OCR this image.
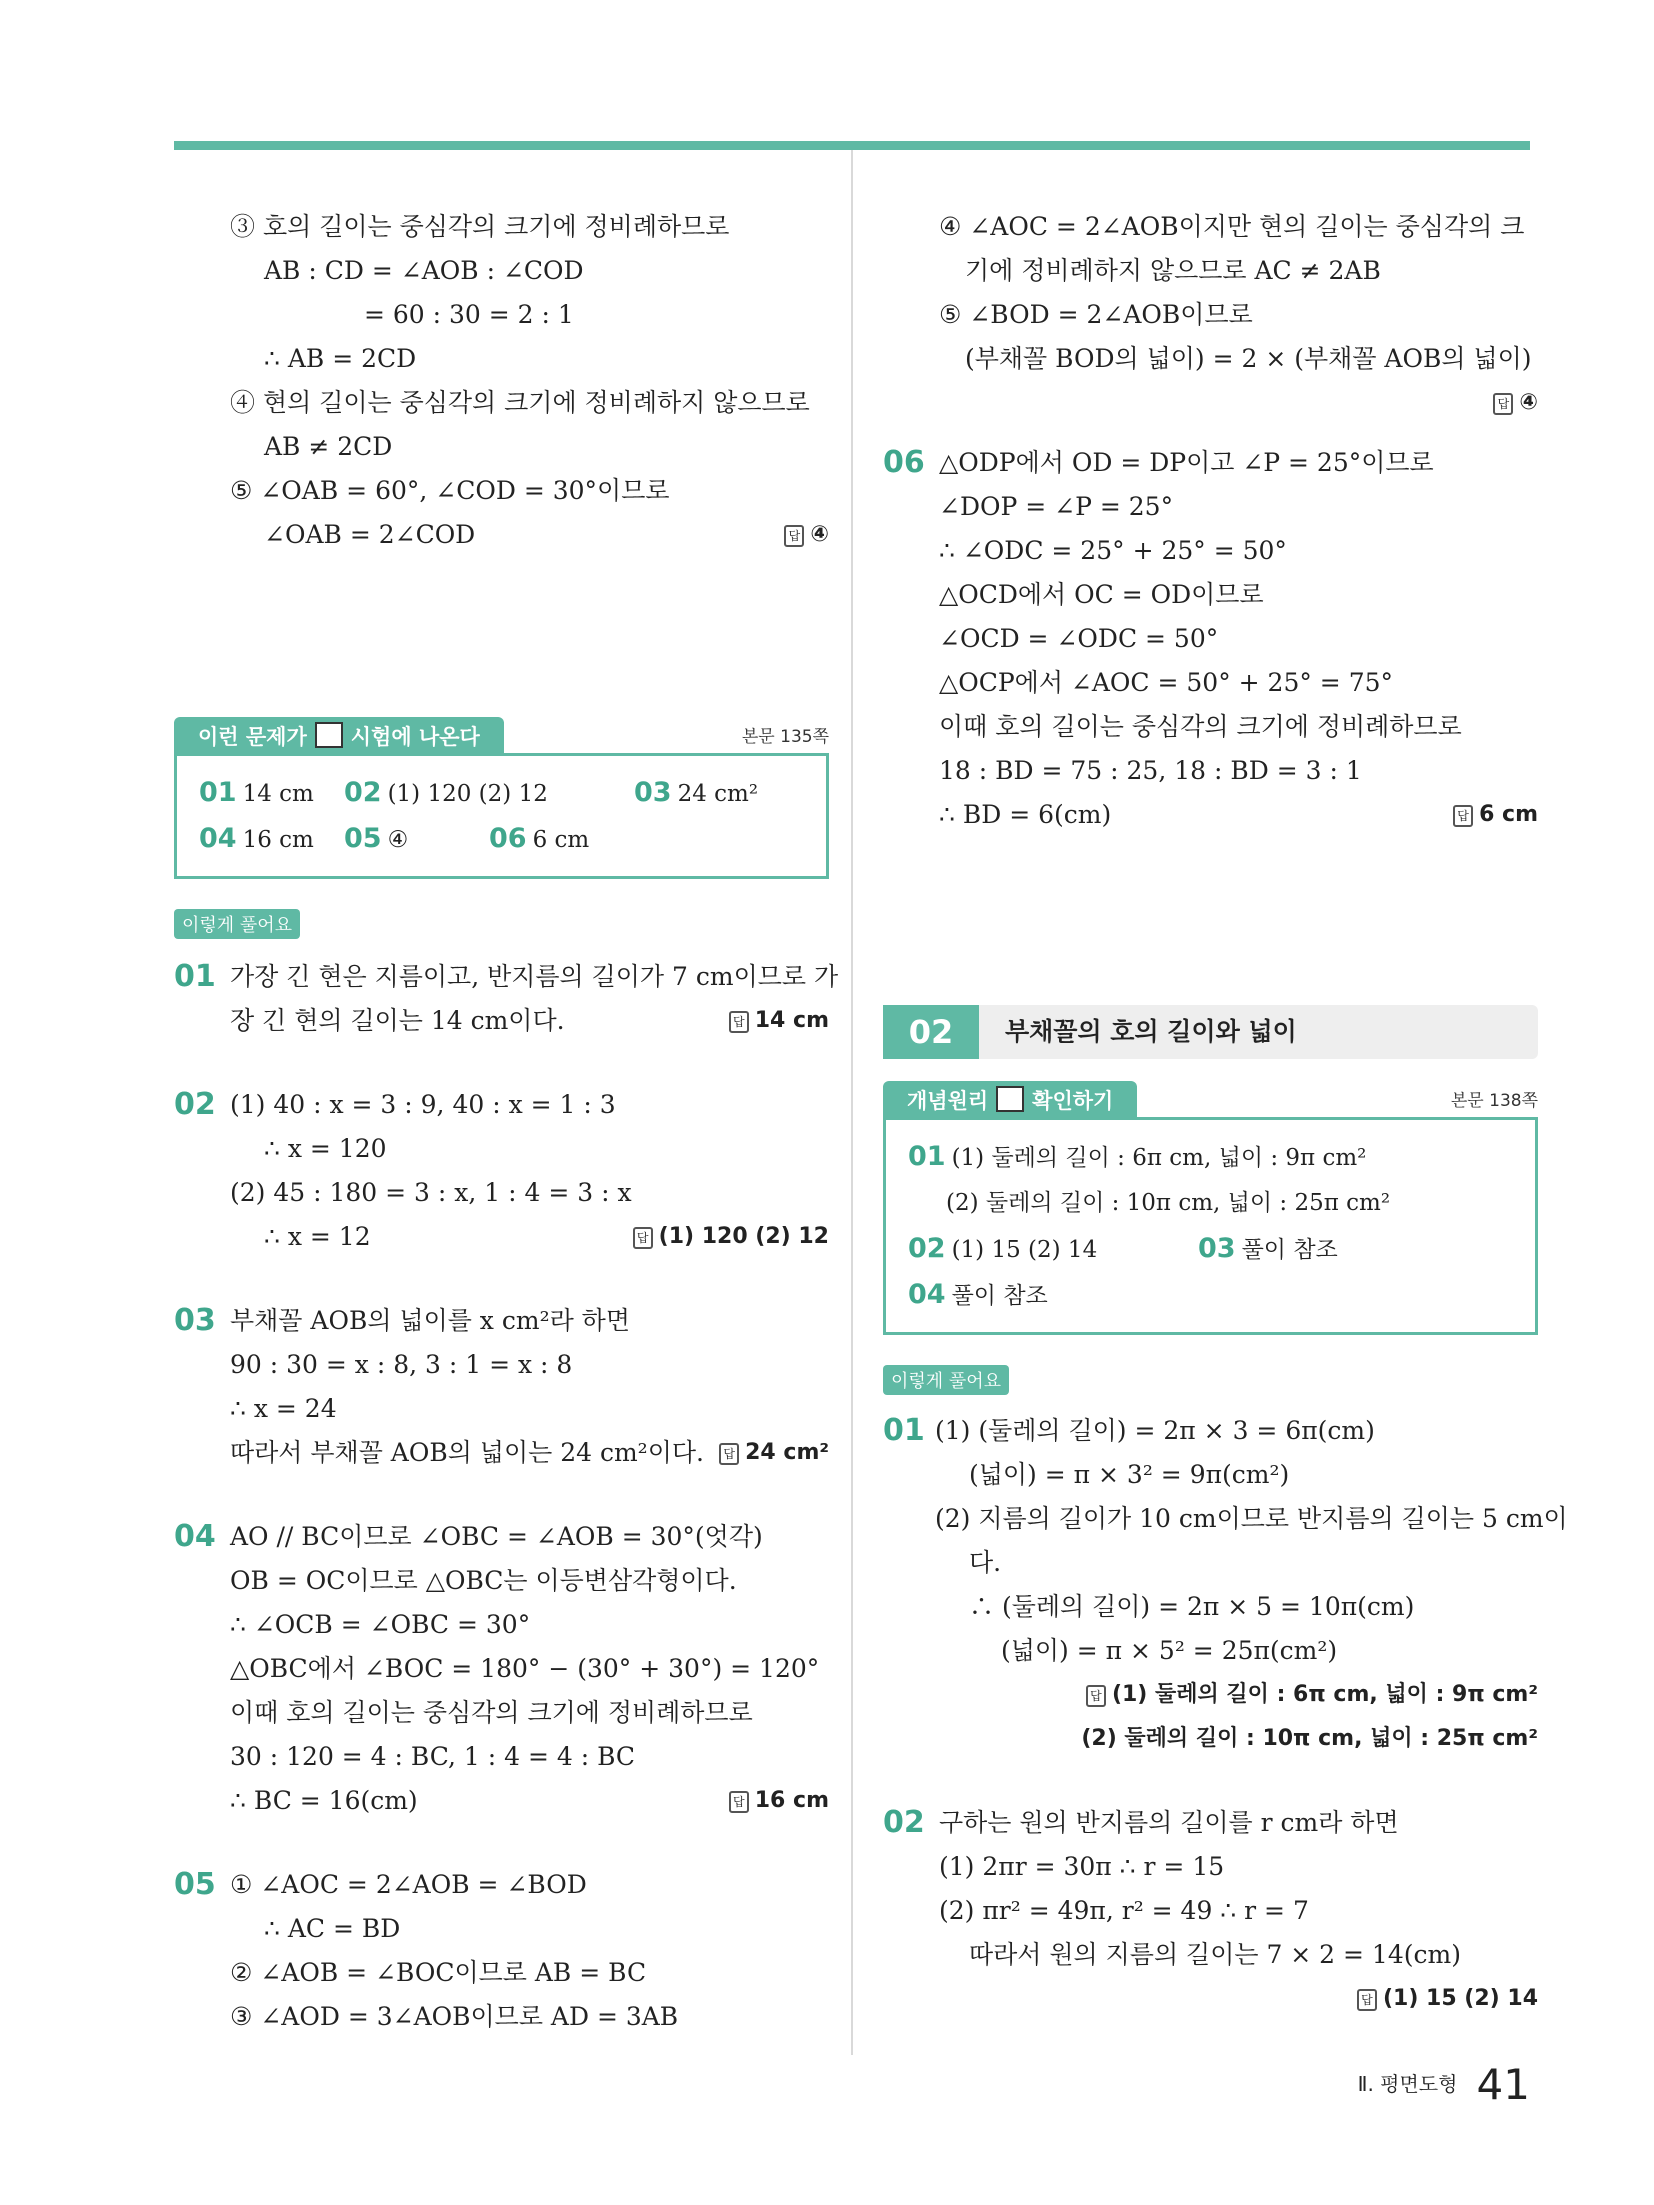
③ 호의 길이는 중심각의 크기에 정비례하므로
AB : CD = ∠AOB : ∠COD
= 60 : 30 = 2 : 1
∴ AB = 2CD
④ 현의 길이는 중심각의 크기에 정비례하지 않으므로
AB ≠ 2CD
⑤ ∠OAB = 60°, ∠COD = 30°이므로
∠OAB = 2∠COD	답 ④
이런 문제가 시험에 나온다	본문 135쪽
01 14 cm 02 (1) 120 (2) 12	03 24 cm²
04 16 cm 05 ④	06 6 cm
이렇게 풀어요
01 가장 긴 현은 지름이고, 반지름의 길이가 7 cm이므로 가
장 긴 현의 길이는 14 cm이다.	답 14 cm
02 (1) 40 : x = 3 : 9, 40 : x = 1 : 3
∴ x = 120
(2) 45 : 180 = 3 : x, 1 : 4 = 3 : x
∴ x = 12	답 (1) 120 (2) 12
03 부채꼴 AOB의 넓이를 x cm²라 하면
90 : 30 = x : 8, 3 : 1 = x : 8
∴ x = 24
따라서 부채꼴 AOB의 넓이는 24 cm²이다.	답 24 cm²
04 AO // BC이므로 ∠OBC = ∠AOB = 30°(엇각)
OB = OC이므로 △OBC는 이등변삼각형이다.
∴ ∠OCB = ∠OBC = 30°
△OBC에서 ∠BOC = 180° − (30° + 30°) = 120°
이때 호의 길이는 중심각의 크기에 정비례하므로
30 : 120 = 4 : BC, 1 : 4 = 4 : BC
∴ BC = 16(cm)	답 16 cm
05 ① ∠AOC = 2∠AOB = ∠BOD
∴ AC = BD
② ∠AOB = ∠BOC이므로 AB = BC
③ ∠AOD = 3∠AOB이므로 AD = 3AB
④ ∠AOC = 2∠AOB이지만 현의 길이는 중심각의 크
기에 정비례하지 않으므로 AC ≠ 2AB
⑤ ∠BOD = 2∠AOB이므로
(부채꼴 BOD의 넓이) = 2 × (부채꼴 AOB의 넓이)

답 ④
06 △ODP에서 OD = DP이고 ∠P = 25°이므로
∠DOP = ∠P = 25°
∴ ∠ODC = 25° + 25° = 50°
△OCD에서 OC = OD이므로
∠OCD = ∠ODC = 50°
△OCP에서 ∠AOC = 50° + 25° = 75°
이때 호의 길이는 중심각의 크기에 정비례하므로
18 : BD = 75 : 25, 18 : BD = 3 : 1
∴ BD = 6(cm)	답 6 cm
02	부채꼴의 호의 길이와 넓이
개념원리 확인하기	본문 138쪽
01 (1) 둘레의 길이 : 6π cm, 넓이 : 9π cm²
(2) 둘레의 길이 : 10π cm, 넓이 : 25π cm²
02 (1) 15 (2) 14	03 풀이 참조
04 풀이 참조
이렇게 풀어요
01 (1) (둘레의 길이) = 2π × 3 = 6π(cm)
(넓이) = π × 3² = 9π(cm²)
(2) 지름의 길이가 10 cm이므로 반지름의 길이는 5 cm이
다.
∴ (둘레의 길이) = 2π × 5 = 10π(cm)
(넓이) = π × 5² = 25π(cm²)

답 (1) 둘레의 길이 : 6π cm, 넓이 : 9π cm²

(2) 둘레의 길이 : 10π cm, 넓이 : 25π cm²
02 구하는 원의 반지름의 길이를 r cm라 하면
(1) 2πr = 30π ∴ r = 15
(2) πr² = 49π, r² = 49 ∴ r = 7
따라서 원의 지름의 길이는 7 × 2 = 14(cm)

답 (1) 15 (2) 14
Ⅱ. 평면도형 41
